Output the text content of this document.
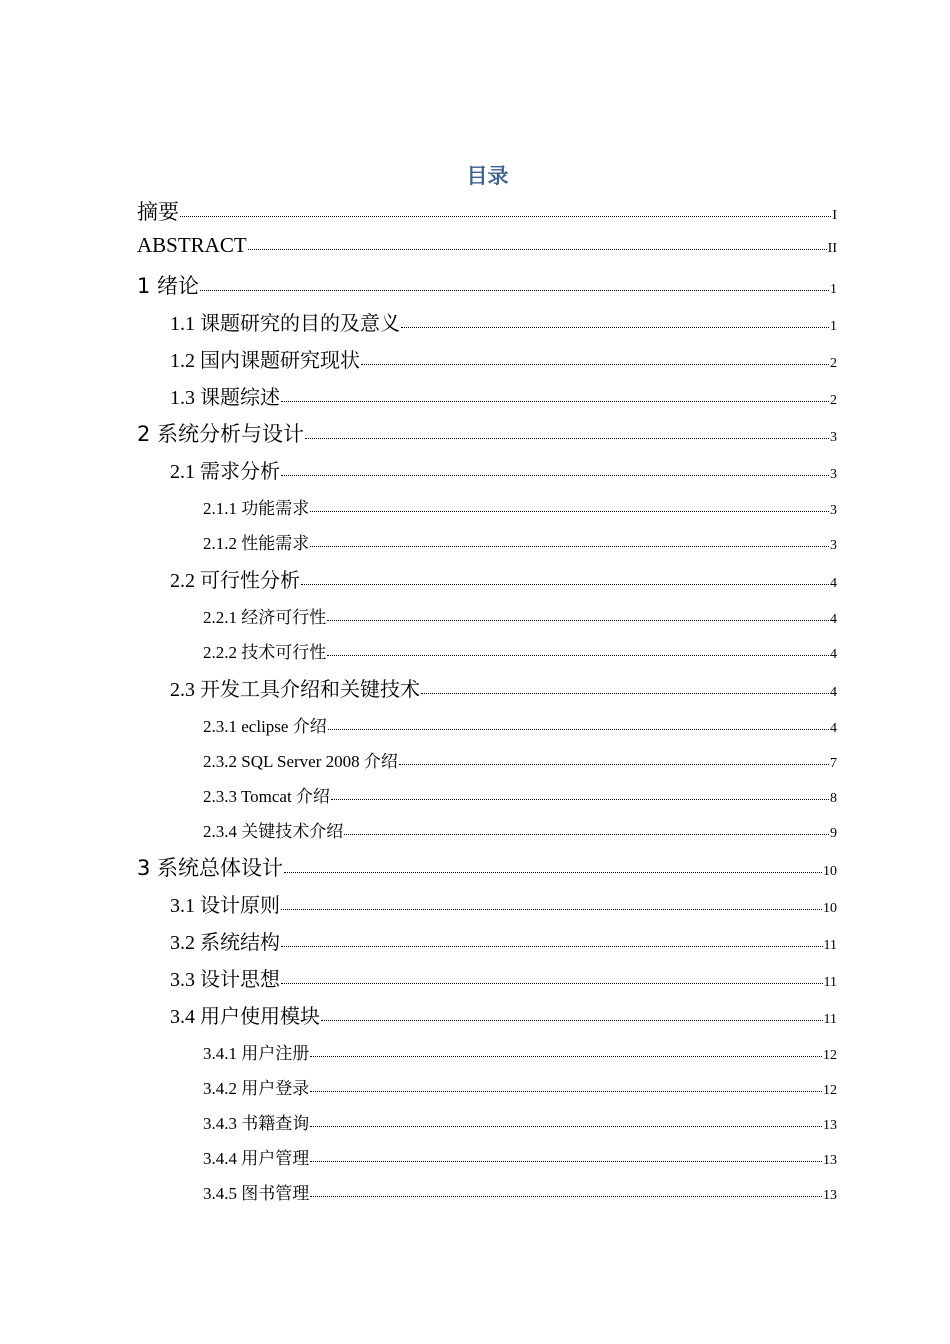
目录
摘要	I
ABSTRACT	II
1 绪论	1
1.1 课题研究的目的及意义	1
1.2 国内课题研究现状	2
1.3 课题综述	2
2 系统分析与设计	3
2.1 需求分析	3
2.1.1 功能需求	3
2.1.2 性能需求	3
2.2 可行性分析	4
2.2.1 经济可行性	4
2.2.2 技术可行性	4
2.3 开发工具介绍和关键技术	4
2.3.1 eclipse 介绍	4
2.3.2 SQL Server 2008 介绍	7
2.3.3 Tomcat 介绍	8
2.3.4 关键技术介绍	9
3 系统总体设计	10
3.1 设计原则	10
3.2 系统结构	11
3.3 设计思想	11
3.4 用户使用模块	11
3.4.1 用户注册	12
3.4.2 用户登录	12
3.4.3 书籍查询	13
3.4.4 用户管理	13
3.4.5 图书管理	13
